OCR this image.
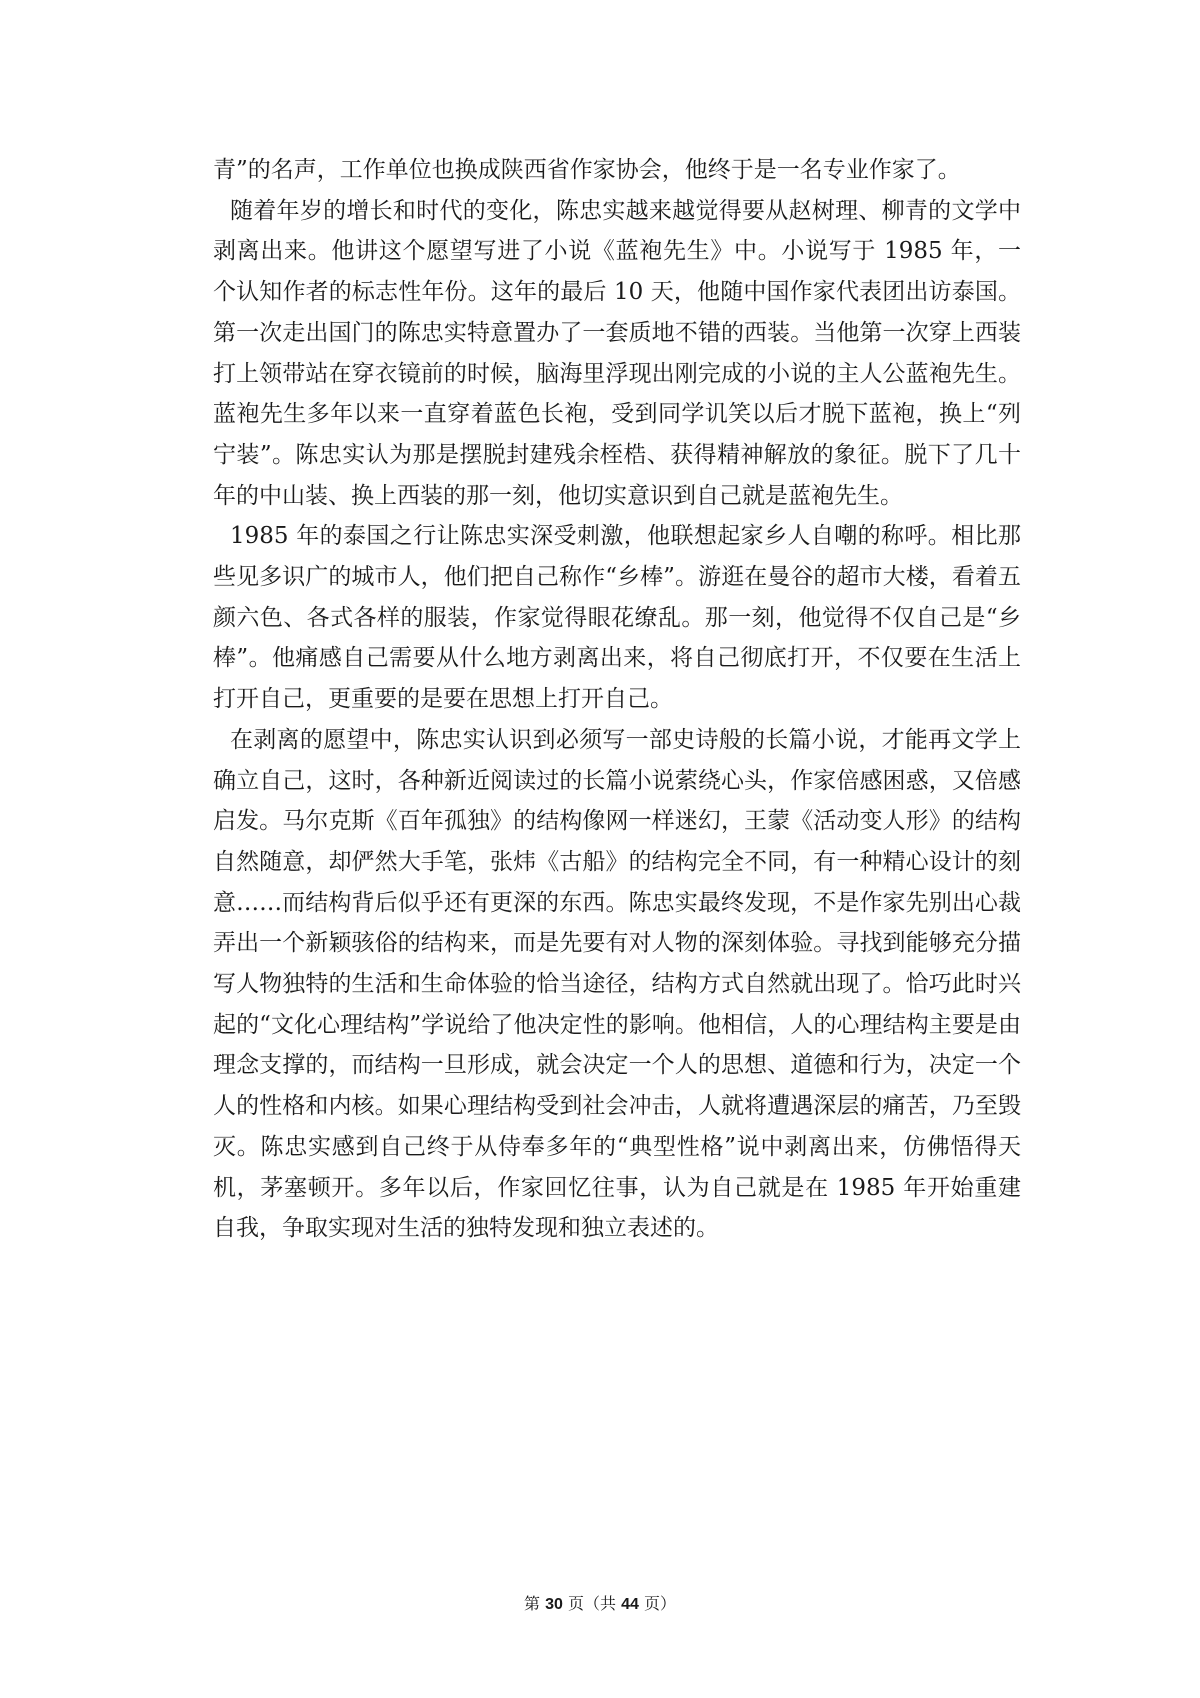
青”的名声，工作单位也换成陕西省作家协会，他终于是一名专业作家了。

随着年岁的增长和时代的变化，陈忠实越来越觉得要从赵树理、柳青的文学中剥离出来。他讲这个愿望写进了小说《蓝袍先生》中。小说写于 1985 年，一个认知作者的标志性年份。这年的最后 10 天，他随中国作家代表团出访泰国。第一次走出国门的陈忠实特意置办了一套质地不错的西装。当他第一次穿上西装打上领带站在穿衣镜前的时候，脑海里浮现出刚完成的小说的主人公蓝袍先生。蓝袍先生多年以来一直穿着蓝色长袍，受到同学讥笑以后才脱下蓝袍，换上“列宁装”。陈忠实认为那是摆脱封建残余桎梏、获得精神解放的象征。脱下了几十年的中山装、换上西装的那一刻，他切实意识到自己就是蓝袍先生。

1985 年的泰国之行让陈忠实深受刺激，他联想起家乡人自嘲的称呼。相比那些见多识广的城市人，他们把自己称作“乡棒”。游逛在曼谷的超市大楼，看着五颜六色、各式各样的服装，作家觉得眼花缭乱。那一刻，他觉得不仅自己是“乡棒”。他痛感自己需要从什么地方剥离出来，将自己彻底打开，不仅要在生活上打开自己，更重要的是要在思想上打开自己。

在剥离的愿望中，陈忠实认识到必须写一部史诗般的长篇小说，才能再文学上确立自己，这时，各种新近阅读过的长篇小说萦绕心头，作家倍感困惑，又倍感启发。马尔克斯《百年孤独》的结构像网一样迷幻，王蒙《活动变人形》的结构自然随意，却俨然大手笔，张炜《古船》的结构完全不同，有一种精心设计的刻意……而结构背后似乎还有更深的东西。陈忠实最终发现，不是作家先别出心裁弄出一个新颖骇俗的结构来，而是先要有对人物的深刻体验。寻找到能够充分描写人物独特的生活和生命体验的恰当途径，结构方式自然就出现了。恰巧此时兴起的“文化心理结构”学说给了他决定性的影响。他相信，人的心理结构主要是由理念支撑的，而结构一旦形成，就会决定一个人的思想、道德和行为，决定一个人的性格和内核。如果心理结构受到社会冲击，人就将遭遇深层的痛苦，乃至毁灭。陈忠实感到自己终于从侍奉多年的“典型性格”说中剥离出来，仿佛悟得天机，茅塞顿开。多年以后，作家回忆往事，认为自己就是在 1985 年开始重建自我，争取实现对生活的独特发现和独立表述的。

第 30 页（共 44 页）
